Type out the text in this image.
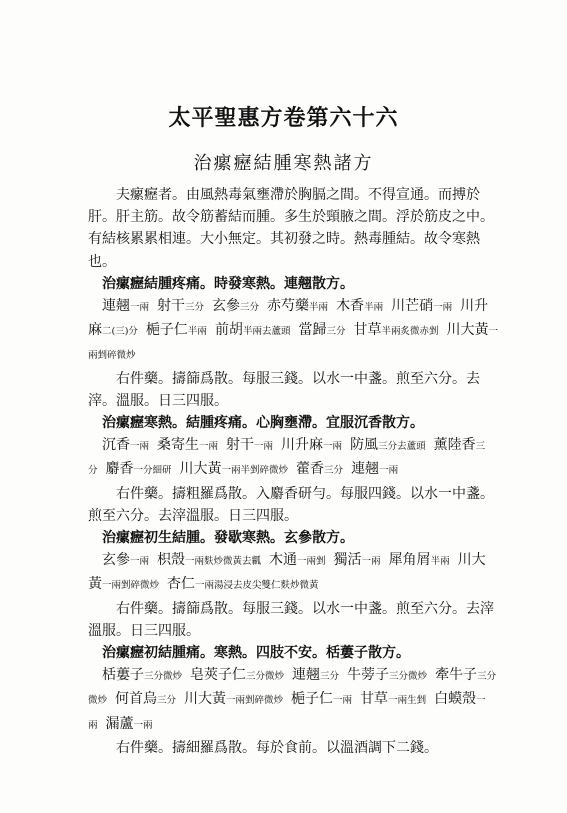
太平聖惠方卷第六十六
治瘰癧結腫寒熱諸方

夫瘰癧者。由風熱毒氣壅滯於胸膈之間。不得宣通。而搏於肝。肝主筋。故令筋蓄結而腫。多生於頸腋之間。浮於筋皮之中。有結核累累相連。大小無定。其初發之時。熱毒腫結。故令寒熱也。

治瘰癧結腫疼痛。時發寒熱。連翹散方。

連翹一兩 射干三分 玄參三分 赤芍藥半兩 木香半兩 川芒硝一兩 川升麻二(三)分 梔子仁半兩 前胡半兩去蘆頭 當歸三分 甘草半兩炙微赤剉 川大黃一兩剉碎微炒

右件藥。擣篩爲散。每服三錢。以水一中盞。煎至六分。去滓。溫服。日三四服。

治瘰癧寒熱。結腫疼痛。心胸壅滯。宜服沉香散方。

沉香一兩 桑寄生一兩 射干一兩 川升麻一兩 防風三分去蘆頭 薰陸香三分 麝香一分細研 川大黃一兩半剉碎微炒 藿香三分 連翹一兩

右件藥。擣粗羅爲散。入麝香研勻。每服四錢。以水一中盞。煎至六分。去滓溫服。日三四服。

治瘰癧初生結腫。發歇寒熱。玄參散方。

玄參一兩 枳殼一兩麩炒微黃去瓤 木通一兩剉 獨活一兩 犀角屑半兩 川大黃一兩剉碎微炒 杏仁一兩湯浸去皮尖雙仁麩炒微黃

右件藥。擣篩爲散。每服三錢。以水一中盞。煎至六分。去滓溫服。日三四服。

治瘰癧初結腫痛。寒熱。四肢不安。栝蔞子散方。

栝蔞子三分微炒 皂莢子仁三分微炒 連翹三分 牛蒡子三分微炒 牽牛子三分微炒 何首烏三分 川大黃一兩剉碎微炒 梔子仁一兩 甘草一兩生剉 白蟆殼一兩 漏蘆一兩

右件藥。擣細羅爲散。每於食前。以溫酒調下二錢。
